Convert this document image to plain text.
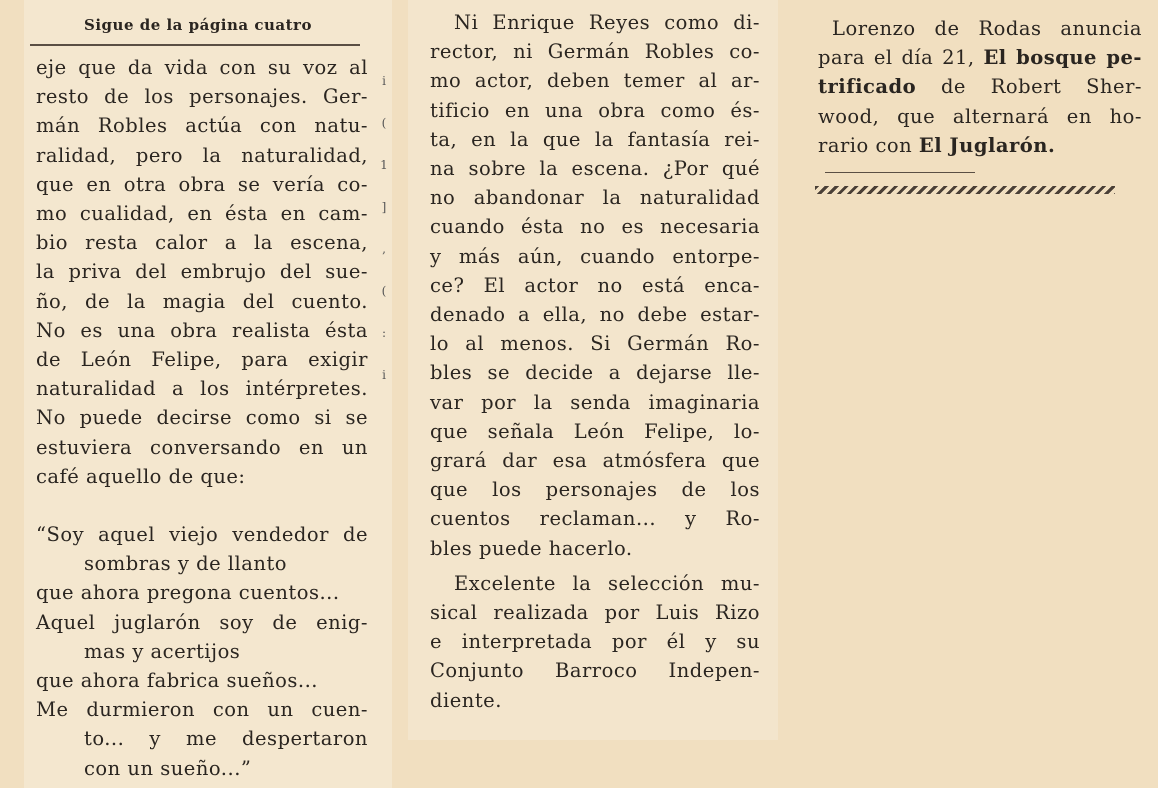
Sigue de la página cuatro
i
(
1
]
,
(
:
i

eje que da vida con su voz al
resto de los personajes. Ger-
mán Robles actúa con natu-
ralidad, pero la naturalidad,
que en otra obra se vería co-
mo cualidad, en ésta en cam-
bio resta calor a la escena,
la priva del embrujo del sue-
ño, de la magia del cuento.
No es una obra realista ésta
de León Felipe, para exigir
naturalidad a los intérpretes.
No puede decirse como si se
estuviera conversando en un
café aquello de que:

“Soy aquel viejo vendedor de
sombras y de llanto
que ahora pregona cuentos...
Aquel juglarón soy de enig-
mas y acertijos
que ahora fabrica sueños...
Me durmieron con un cuen-
to... y me despertaron
con un sueño...”

Ni Enrique Reyes como di-
rector, ni Germán Robles co-
mo actor, deben temer al ar-
tificio en una obra como és-
ta, en la que la fantasía rei-
na sobre la escena. ¿Por qué
no abandonar la naturalidad
cuando ésta no es necesaria
y más aún, cuando entorpe-
ce? El actor no está enca-
denado a ella, no debe estar-
lo al menos. Si Germán Ro-
bles se decide a dejarse lle-
var por la senda imaginaria
que señala León Felipe, lo-
grará dar esa atmósfera que
que los personajes de los
cuentos reclaman... y Ro-
bles puede hacerlo.

Excelente la selección mu-
sical realizada por Luis Rizo
e interpretada por él y su
Conjunto Barroco Indepen-
diente.

Lorenzo de Rodas anuncia
para el día 21, El bosque pe-
trificado de Robert Sher-
wood, que alternará en ho-
rario con El Juglarón.
